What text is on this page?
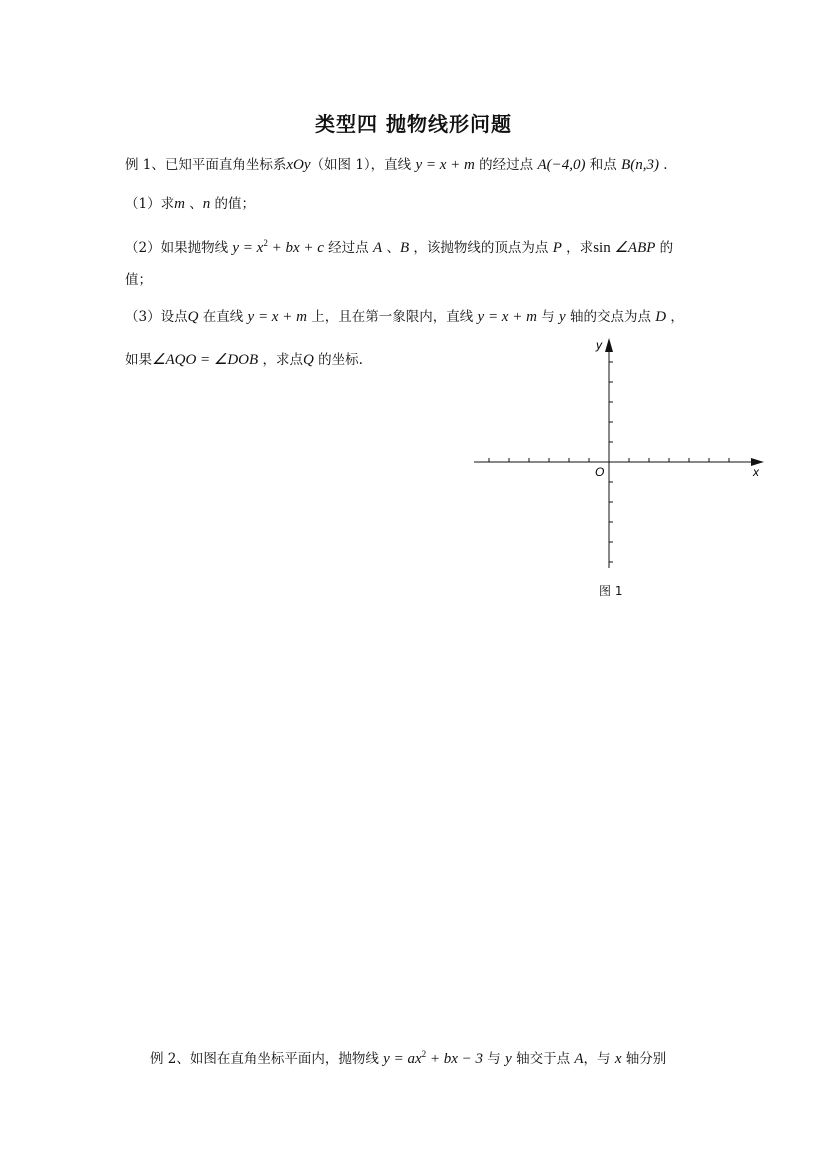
类型四 抛物线形问题
例 1、已知平面直角坐标系xOy（如图 1），直线 y = x + m 的经过点 A(−4,0) 和点 B(n,3) .
（1）求m 、n 的值；
（2）如果抛物线 $y = x^2$ + bx + c 经过点 A 、B ，该抛物线的顶点为点 P ，求sin ∠ABP 的
值；
（3）设点Q 在直线 y = x + m 上，且在第一象限内，直线 y = x + m 与 y 轴的交点为点 D ，
如果∠AQO = ∠DOB ，求点Q 的坐标.
x
y
O
图 1
例 2、如图在直角坐标平面内，抛物线 $y = ax^2$ + bx − 3 与 y 轴交于点 A，与 x 轴分别
